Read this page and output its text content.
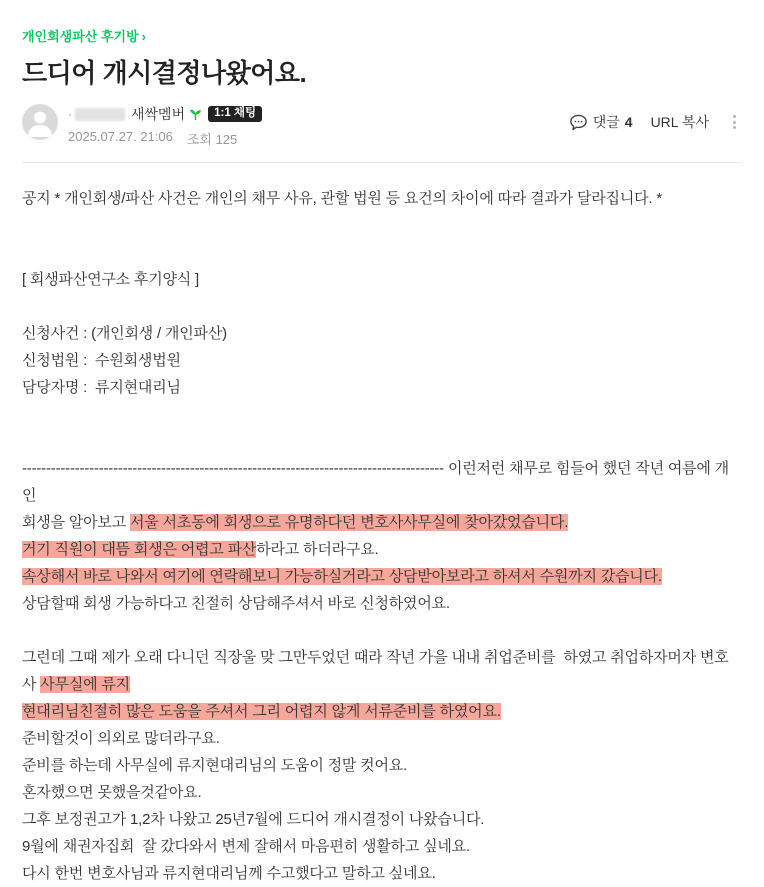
개인회생파산 후기방 ›
드디어 개시결정나왔어요.
·	새싹멤버	1:1 채팅
2025.07.27. 21:06 조회 125
댓글 4 URL 복사
공지 * 개인회생/파산 사건은 개인의 채무 사유, 관할 법원 등 요건의 차이에 따라 결과가 달라집니다. *
[ 회생파산연구소 후기양식 ]
신청사건 : (개인회생 / 개인파산)
신청법원 :  수원회생법원
담당자명 :  류지현대리님
---------------------------------------------------------------------------------------- 이런저런 채무로 힘들어 했던 작년 여름에 개인
회생을 알아보고 서울 서초동에 회생으로 유명하다던 변호사사무실에 찾아갔었습니다.
거기 직원이 대뜸 회생은 어렵고 파산하라고 하더라구요.
속상해서 바로 나와서 여기에 연락해보니 가능하실거라고 상담받아보라고 하셔서 수원까지 갔습니다.
상담할때 회생 가능하다고 친절히 상담해주셔서 바로 신청하였어요.
그런데 그때 제가 오래 다니던 직장울 맞 그만두었던 때라 작년 가을 내내 취업준비를  하였고 취업하자머자 변호사 사무실에 류지
현대리님친절히 많은 도움을 주셔서 그리 어렵지 않게 서류준비를 하였어요.
준비할것이 의외로 많더라구요.
준비를 하는데 사무실에 류지현대리님의 도움이 정말 컷어요.
혼자했으면 못했을것같아요.
그후 보정권고가 1,2차 나왔고 25년7월에 드디어 개시결정이 나왔습니다.
9월에 채권자집회  잘 갔다와서 변제 잘해서 마음편히 생활하고 싶네요.
다시 한번 변호사님과 류지현대리님께 수고했다고 말하고 싶네요.
